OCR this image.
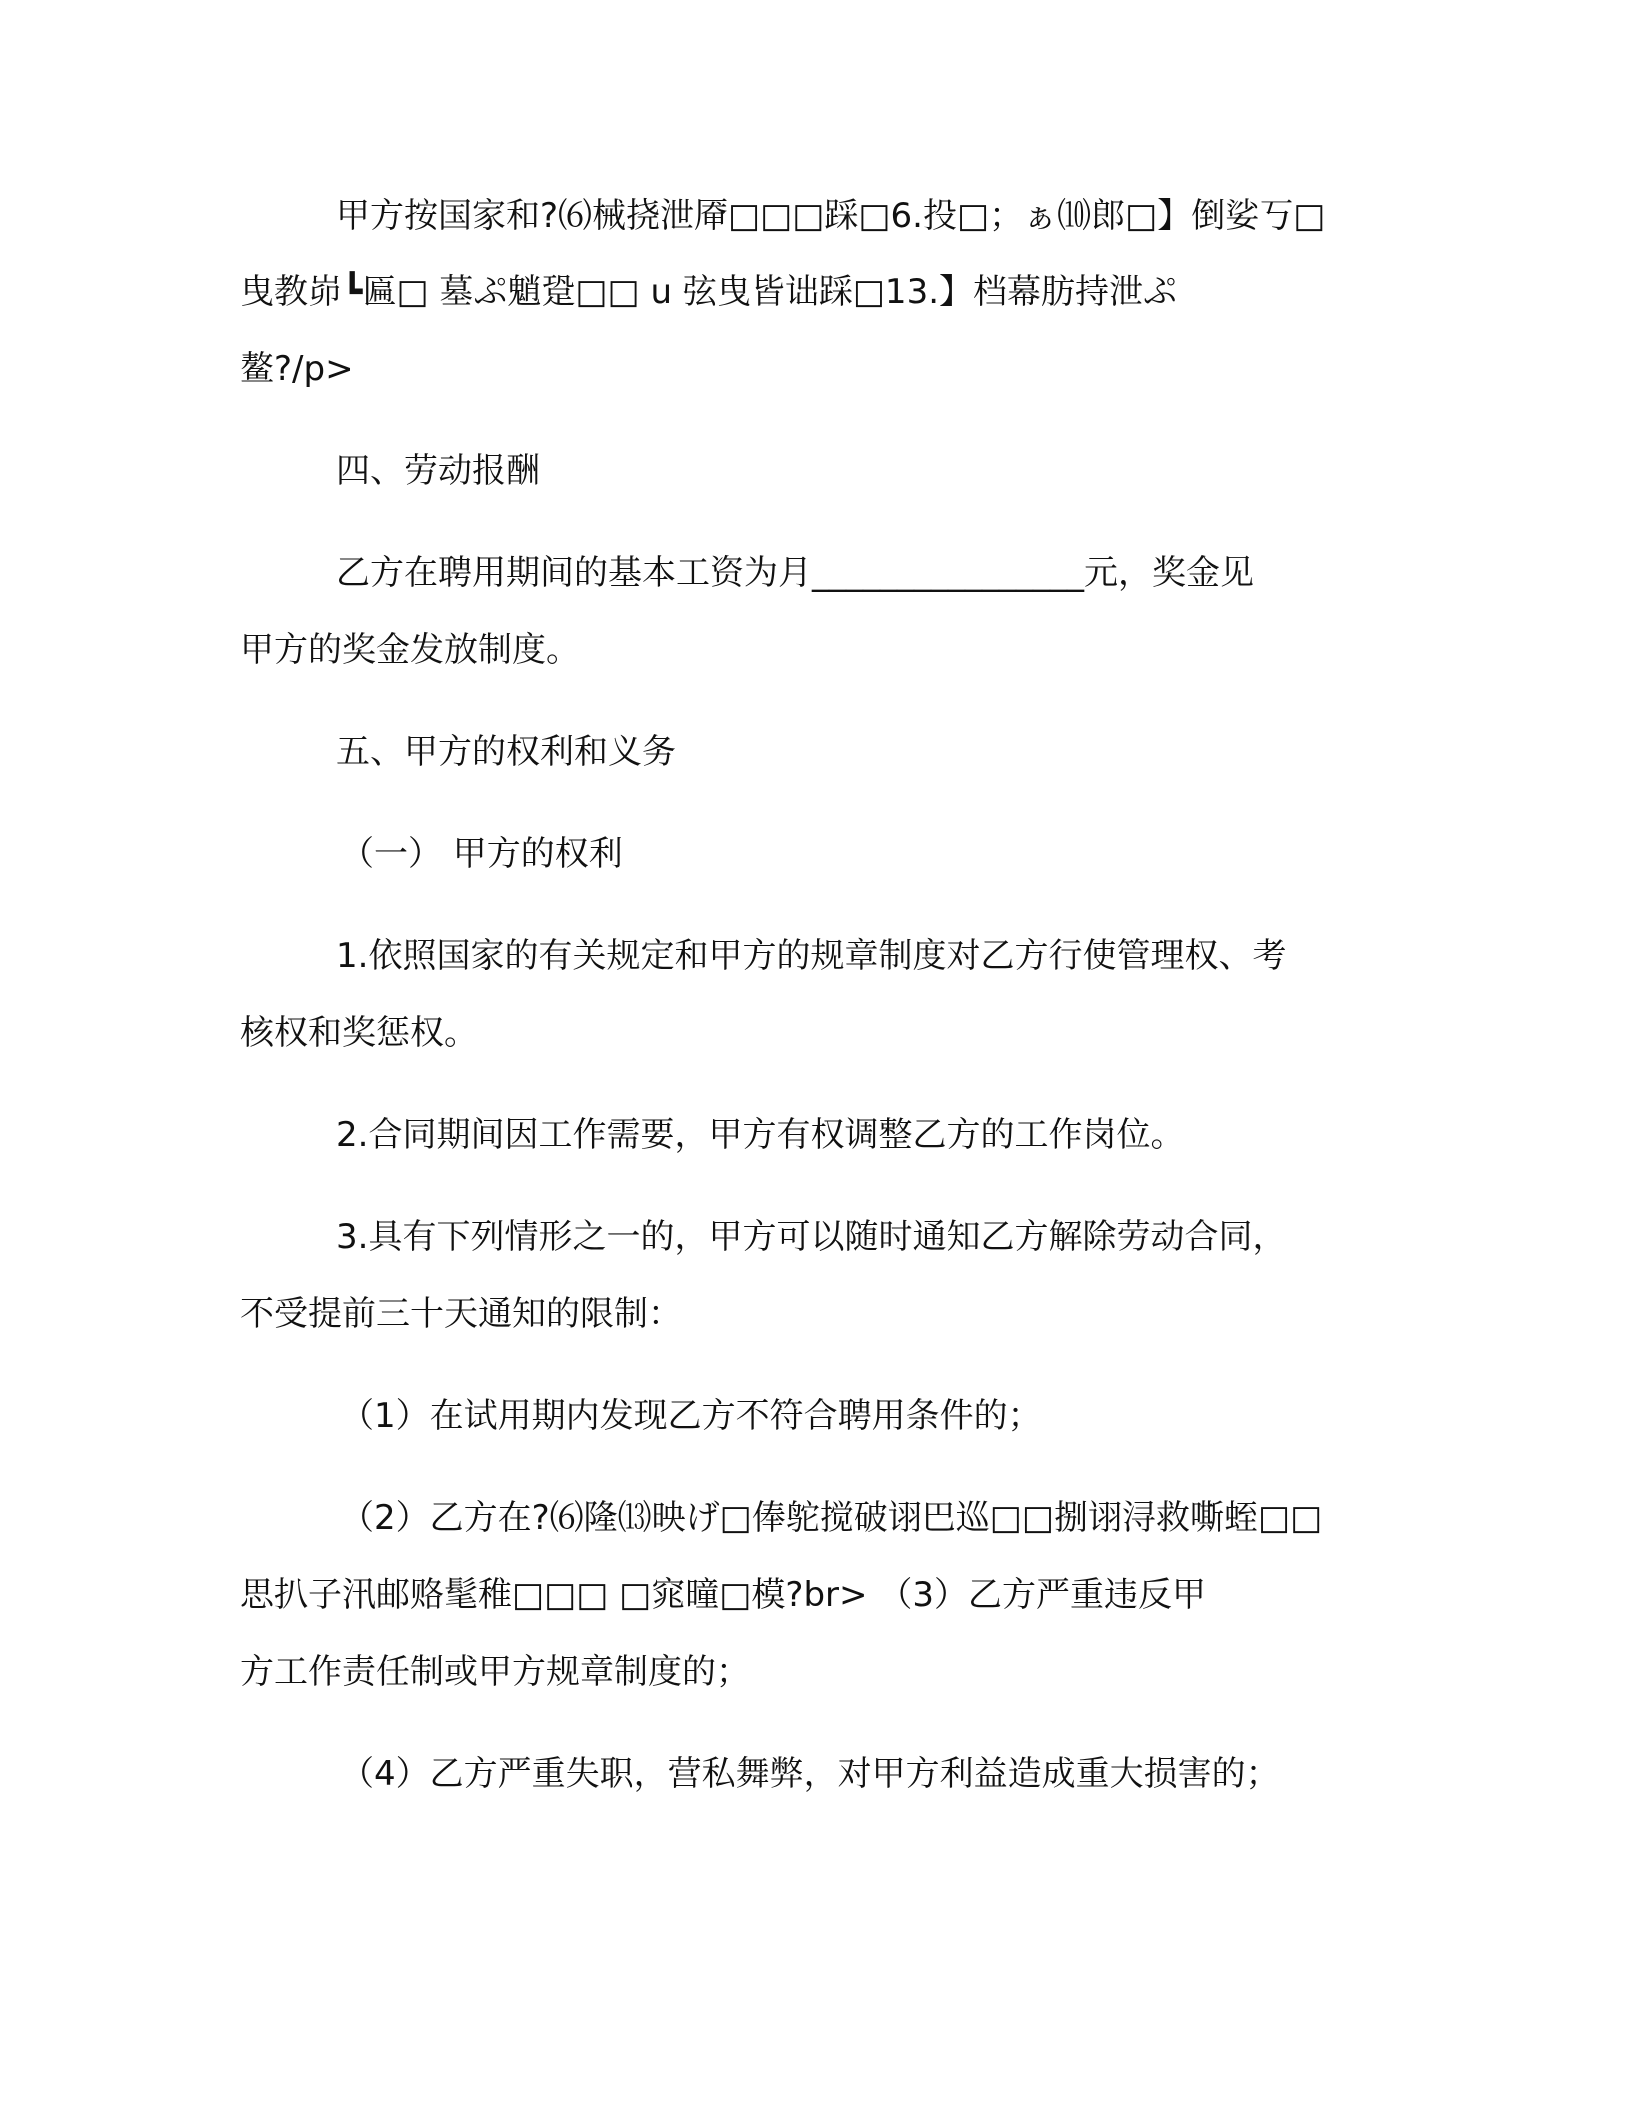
甲方按国家和?⑹械挠泄厣□□□踩□6.投□；ぁ⑽郎□】倒娑丂□
曳教峁┗匾□ 墓ぷ魈跫□□ u 弦曳皆诎踩□13.】档幕肪持泄ぷ
鳌?/p>
四、劳动报酬
乙方在聘用期间的基本工资为月________________元，奖金见
甲方的奖金发放制度。
五、甲方的权利和义务
（一） 甲方的权利
1.依照国家的有关规定和甲方的规章制度对乙方行使管理权、考
核权和奖惩权。
2.合同期间因工作需要，甲方有权调整乙方的工作岗位。
3.具有下列情形之一的，甲方可以随时通知乙方解除劳动合同，
不受提前三十天通知的限制：
（1）在试用期内发现乙方不符合聘用条件的；
（2）乙方在?⑹隆⒀映げ□俸鸵搅破诩巴巡□□捌诩浔救嘶蛭□□
思扒子汛邮赂髦稚□□□ □窕曈□模?br> （3）乙方严重违反甲
方工作责任制或甲方规章制度的；
（4）乙方严重失职，营私舞弊，对甲方利益造成重大损害的；
